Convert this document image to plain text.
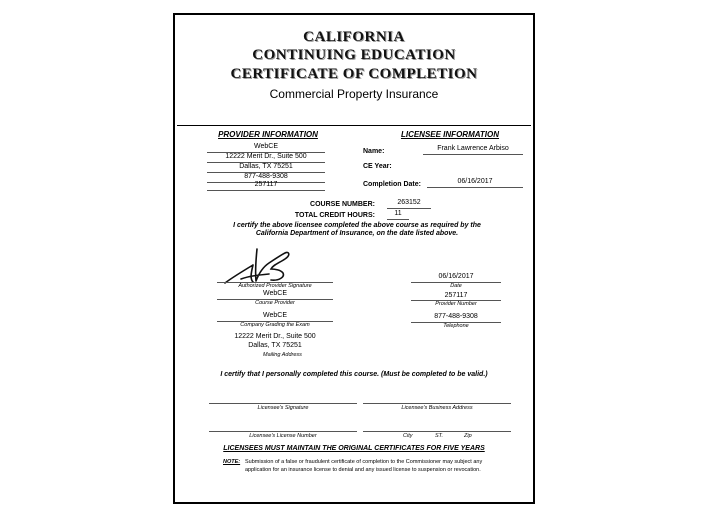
CALIFORNIA
CONTINUING EDUCATION
CERTIFICATE OF COMPLETION
Commercial Property Insurance
PROVIDER INFORMATION
WebCE
12222 Merit Dr., Suite 500
Dallas, TX 75251
877-488-9308
257117
LICENSEE INFORMATION
Name:	Frank Lawrence Arbiso
CE Year:
Completion Date:	06/16/2017
COURSE NUMBER:	263152
TOTAL CREDIT HOURS:	11
I certify the above licensee completed the above course as required by the California Department of Insurance, on the date listed above.
Authorized Provider Signature
WebCE
Course Provider
WebCE
Company Grading the Exam
12222 Merit Dr., Suite 500
Dallas, TX 75251
Mailing Address
06/16/2017
Date
257117
Provider Number
877-488-9308
Telephone
I certify that I personally completed this course. (Must be completed to be valid.)
Licensee's Signature	Licensee's Business Address
Licensee's License Number	City	ST.	Zip
LICENSEES MUST MAINTAIN THE ORIGINAL CERTIFICATES FOR FIVE YEARS
NOTE: Submission of a false or fraudulent certificate of completion to the Commissioner may subject any application for an insurance license to denial and any issued license to suspension or revocation.
